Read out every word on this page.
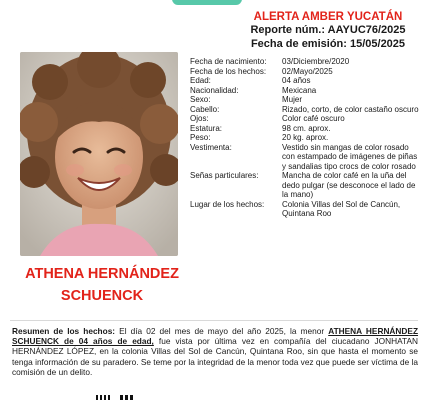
ALERTA AMBER YUCATÁN
Reporte núm.: AAYUC76/2025
Fecha de emisión: 15/05/2025
ATHENA HERNÁNDEZ
SCHUENCK
Fecha de nacimiento:	03/Diciembre/2020
Fecha de los hechos:	02/Mayo/2025
Edad:	04 años
Nacionalidad:	Mexicana
Sexo:	Mujer
Cabello:	Rizado, corto, de color castaño oscuro
Ojos:	Color café oscuro
Estatura:	98 cm. aprox.
Peso:	20 kg. aprox.
Vestimenta:	Vestido sin mangas de color rosado con estampado de imágenes de piñas y sandalias tipo crocs de color rosado
Señas particulares:	Mancha de color café en la uña del dedo pulgar (se desconoce el lado de la mano)
Lugar de los hechos:	Colonia Villas del Sol de Cancún, Quintana Roo
Resumen de los hechos: El día 02 del mes de mayo del año 2025, la menor ATHENA HERNÁNDEZ SCHUENCK de 04 años de edad, fue vista por última vez en compañía del ciucadano JONHATAN HERNÁNDEZ LÓPEZ, en la colonia Villas del Sol de Cancún, Quintana Roo, sin que hasta el momento se tenga información de su paradero. Se teme por la integridad de la menor toda vez que puede ser víctima de la comisión de un delito.
